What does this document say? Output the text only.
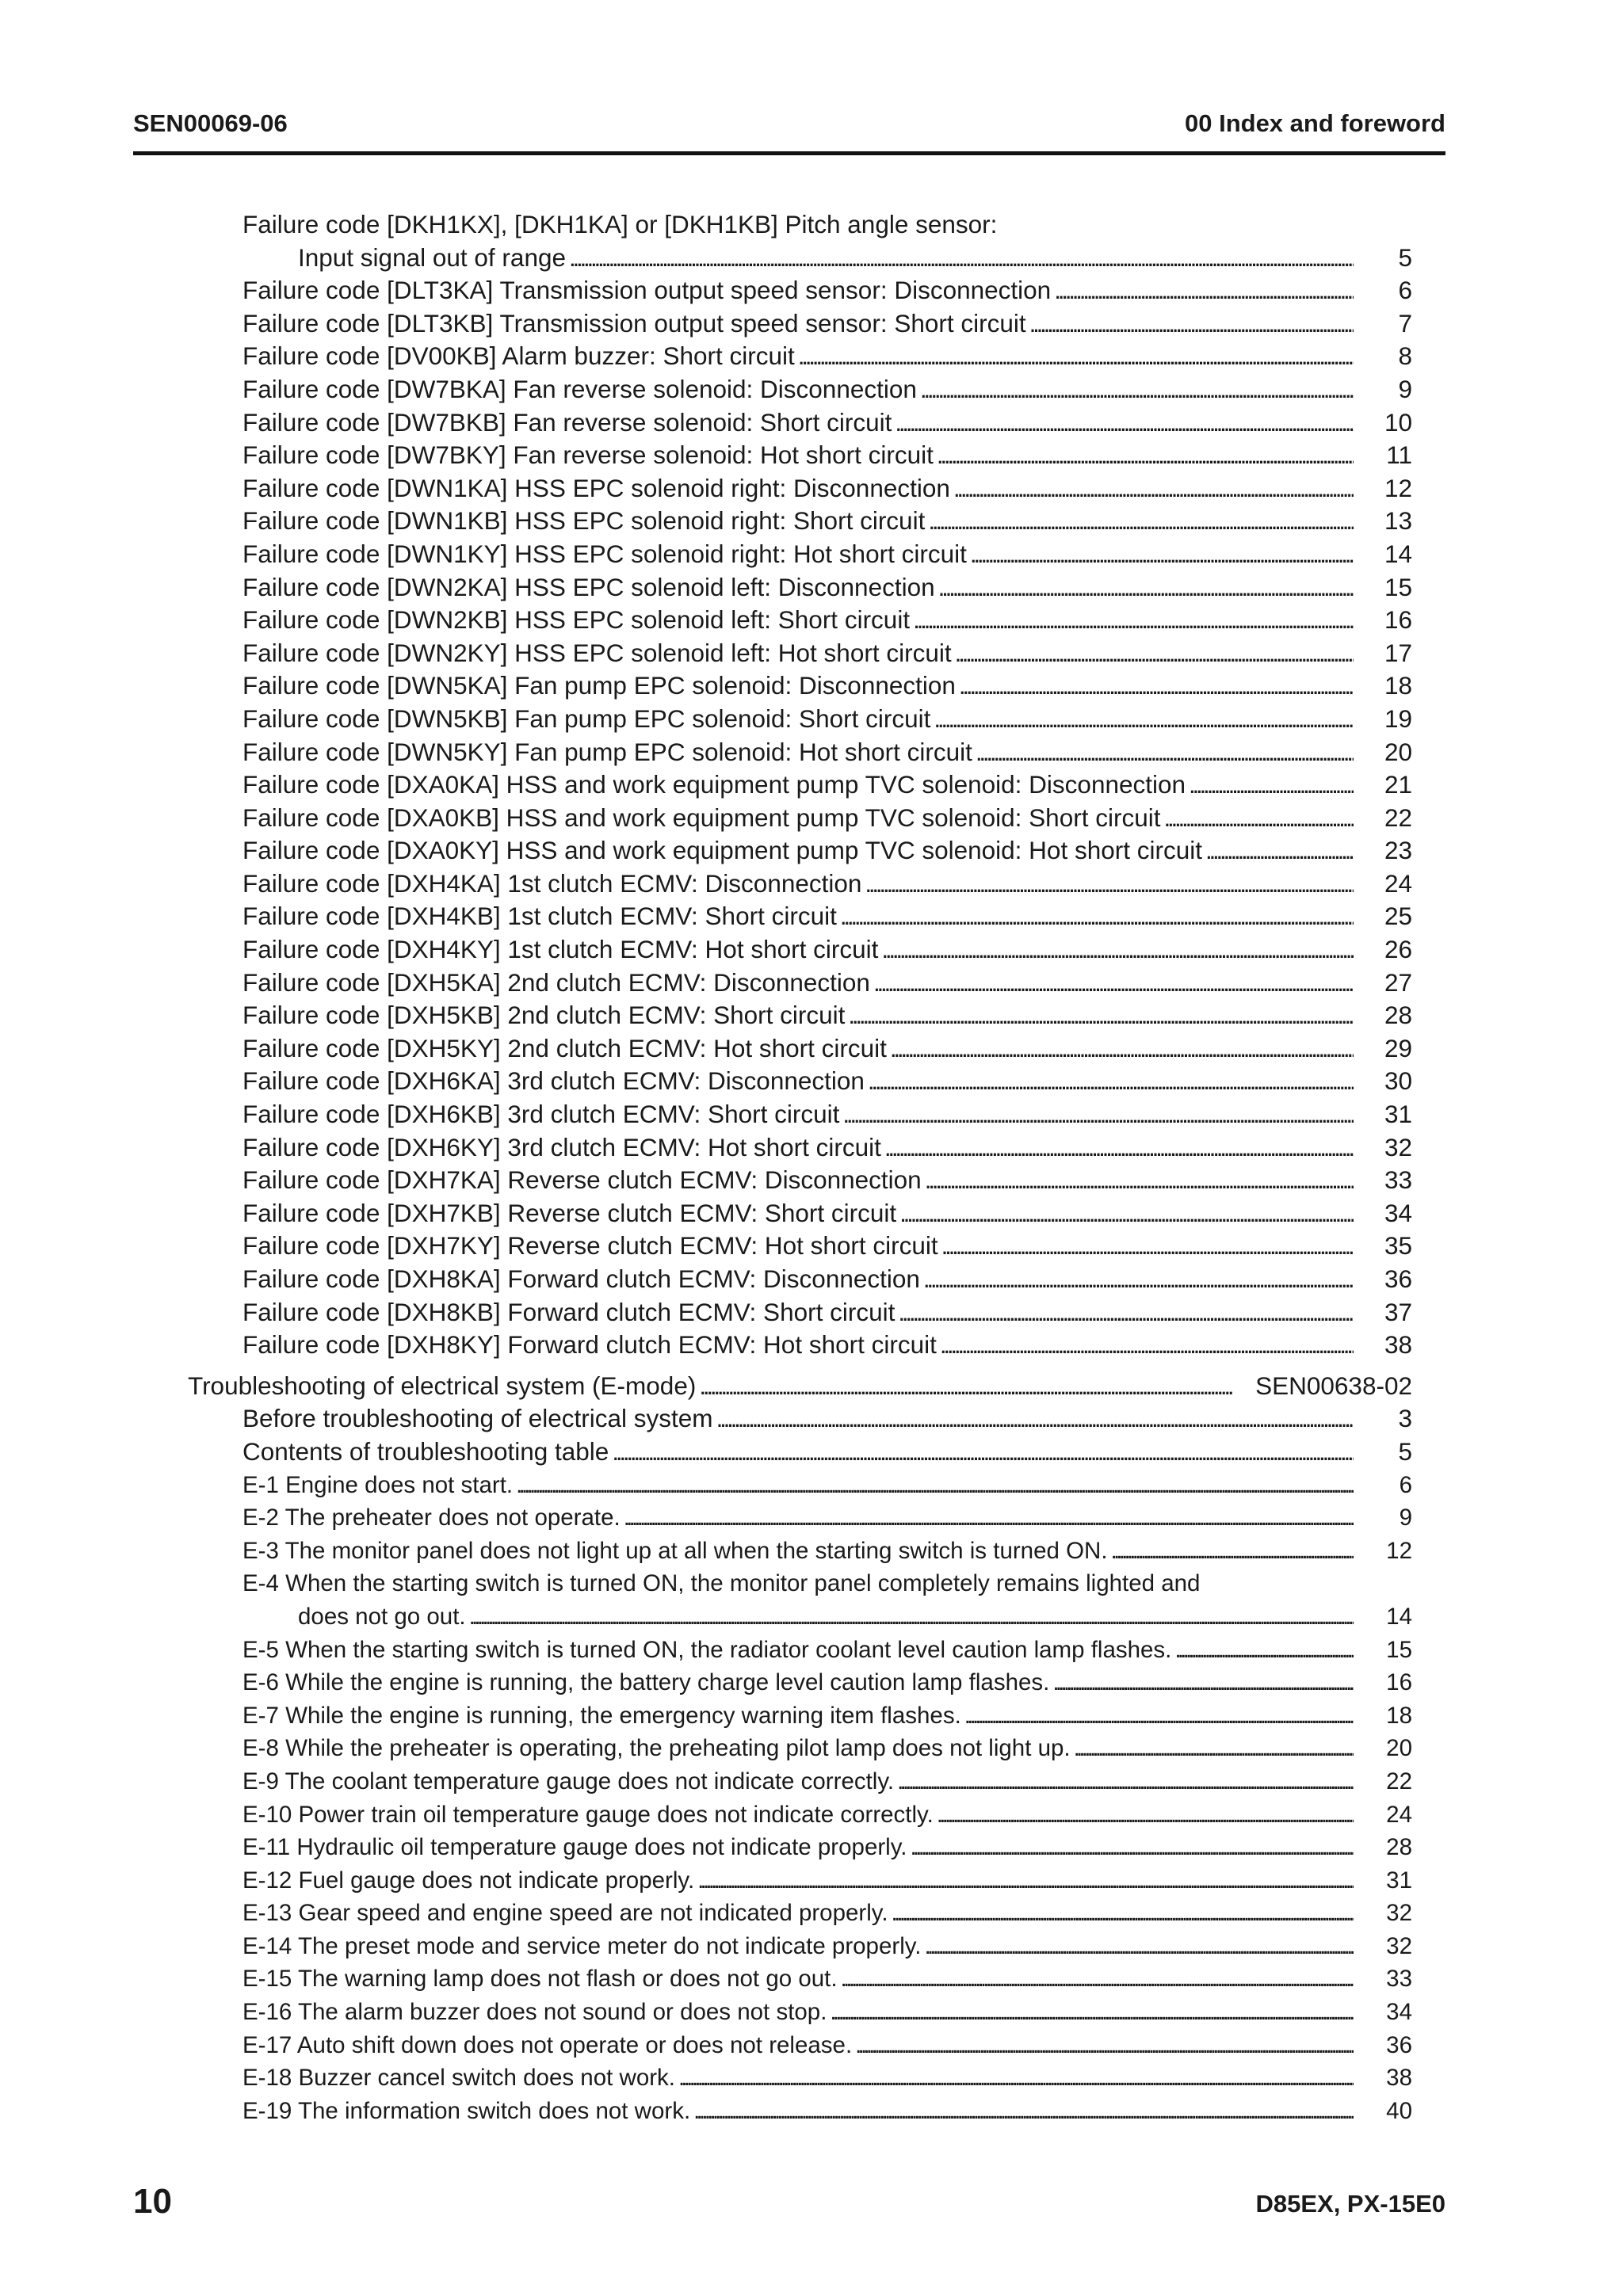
SEN00069-06	00 Index and foreword
Failure code [DKH1KX], [DKH1KA] or [DKH1KB] Pitch angle sensor:
Input signal out of range . . .	5
Failure code [DLT3KA] Transmission output speed sensor: Disconnection . . .	6
Failure code [DLT3KB] Transmission output speed sensor: Short circuit . . .	7
Failure code [DV00KB] Alarm buzzer: Short circuit . . .	8
Failure code [DW7BKA] Fan reverse solenoid: Disconnection . . .	9
Failure code [DW7BKB] Fan reverse solenoid: Short circuit . . .	10
Failure code [DW7BKY] Fan reverse solenoid: Hot short circuit . . .	11
Failure code [DWN1KA] HSS EPC solenoid right: Disconnection . . .	12
Failure code [DWN1KB] HSS EPC solenoid right: Short circuit . . .	13
Failure code [DWN1KY] HSS EPC solenoid right: Hot short circuit . . .	14
Failure code [DWN2KA] HSS EPC solenoid left: Disconnection . . .	15
Failure code [DWN2KB] HSS EPC solenoid left: Short circuit . . .	16
Failure code [DWN2KY] HSS EPC solenoid left: Hot short circuit . . .	17
Failure code [DWN5KA] Fan pump EPC solenoid: Disconnection . . .	18
Failure code [DWN5KB] Fan pump EPC solenoid: Short circuit . . .	19
Failure code [DWN5KY] Fan pump EPC solenoid: Hot short circuit . . .	20
Failure code [DXA0KA] HSS and work equipment pump TVC solenoid: Disconnection . . .	21
Failure code [DXA0KB] HSS and work equipment pump TVC solenoid: Short circuit . . .	22
Failure code [DXA0KY] HSS and work equipment pump TVC solenoid: Hot short circuit . . .	23
Failure code [DXH4KA] 1st clutch ECMV: Disconnection . . .	24
Failure code [DXH4KB] 1st clutch ECMV: Short circuit . . .	25
Failure code [DXH4KY] 1st clutch ECMV: Hot short circuit . . .	26
Failure code [DXH5KA] 2nd clutch ECMV: Disconnection . . .	27
Failure code [DXH5KB] 2nd clutch ECMV: Short circuit . . .	28
Failure code [DXH5KY] 2nd clutch ECMV: Hot short circuit . . .	29
Failure code [DXH6KA] 3rd clutch ECMV: Disconnection . . .	30
Failure code [DXH6KB] 3rd clutch ECMV: Short circuit . . .	31
Failure code [DXH6KY] 3rd clutch ECMV: Hot short circuit . . .	32
Failure code [DXH7KA] Reverse clutch ECMV: Disconnection . . .	33
Failure code [DXH7KB] Reverse clutch ECMV: Short circuit . . .	34
Failure code [DXH7KY] Reverse clutch ECMV: Hot short circuit . . .	35
Failure code [DXH8KA] Forward clutch ECMV: Disconnection . . .	36
Failure code [DXH8KB] Forward clutch ECMV: Short circuit . . .	37
Failure code [DXH8KY] Forward clutch ECMV: Hot short circuit . . .	38
Troubleshooting of electrical system (E-mode) . . .	SEN00638-02
Before troubleshooting of electrical system . . .	3
Contents of troubleshooting table . . .	5
E-1 Engine does not start. . . .	6
E-2 The preheater does not operate. . . .	9
E-3 The monitor panel does not light up at all when the starting switch is turned ON. . . .	12
E-4 When the starting switch is turned ON, the monitor panel completely remains lighted and
does not go out. . . .	14
E-5 When the starting switch is turned ON, the radiator coolant level caution lamp flashes. . . .	15
E-6 While the engine is running, the battery charge level caution lamp flashes. . . .	16
E-7 While the engine is running, the emergency warning item flashes. . . .	18
E-8 While the preheater is operating, the preheating pilot lamp does not light up. . . .	20
E-9 The coolant temperature gauge does not indicate correctly. . . .	22
E-10 Power train oil temperature gauge does not indicate correctly. . . .	24
E-11 Hydraulic oil temperature gauge does not indicate properly. . . .	28
E-12 Fuel gauge does not indicate properly. . . .	31
E-13 Gear speed and engine speed are not indicated properly. . . .	32
E-14 The preset mode and service meter do not indicate properly. . . .	32
E-15 The warning lamp does not flash or does not go out. . . .	33
E-16 The alarm buzzer does not sound or does not stop. . . .	34
E-17 Auto shift down does not operate or does not release. . . .	36
E-18 Buzzer cancel switch does not work. . . .	38
E-19 The information switch does not work. . . .	40
10	D85EX, PX-15E0
